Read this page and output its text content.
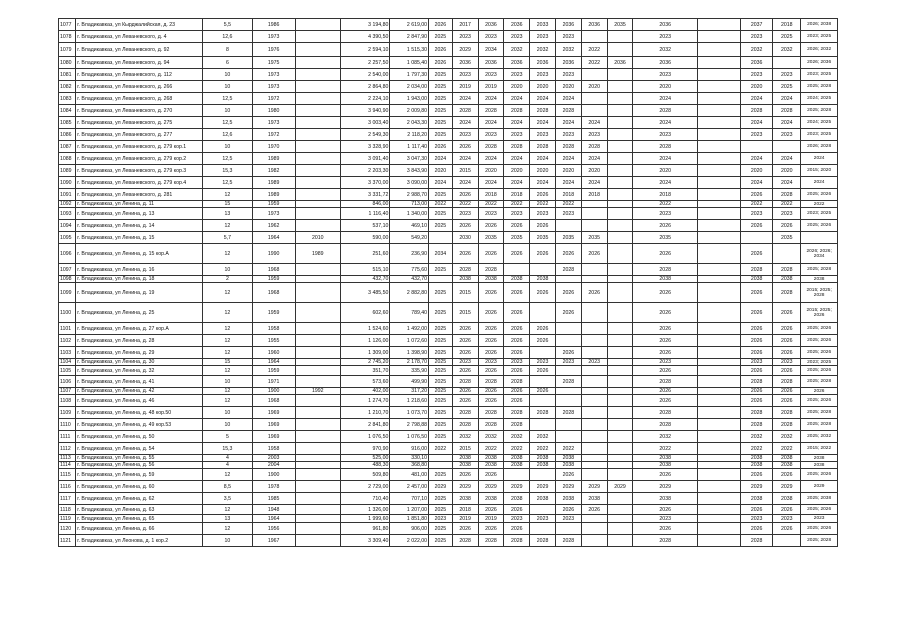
1077	г. Владикавказ, ул Кырджалийская, д. 23	5,5	1986		3 194,80	2 619,00	2026	2017	2036	2036	2033	2036	2036	2035	2036		2037	2018	2026; 2038
1078	г. Владикавказ, ул Леваневского, д. 4	12,6	1973		4 390,50	2 847,90	2025	2023	2023	2023	2023	2023			2023		2023	2025	2023; 2025
1079	г. Владикавказ, ул Леваневского, д. 92	8	1976		2 594,10	1 515,30	2026	2029	2034	2032	2032	2032	2022		2032		2032	2032	2026; 2032
1080	г. Владикавказ, ул Леваневского, д. 94	6	1975		2 257,50	1 085,40	2026	2036	2036	2036	2036	2036	2022	2036	2036		2036		2026; 2036
1081	г. Владикавказ, ул Леваневского, д. 112	10	1973		2 540,00	1 797,30	2025	2023	2023	2023	2023	2023			2023		2023	2023	2023; 2025
1082	г. Владикавказ, ул Леваневского, д. 266	10	1973		2 864,80	2 034,00	2025	2019	2019	2020	2020	2020	2020		2020		2020	2025	2025; 2028
1083	г. Владикавказ, ул Леваневского, д. 268	12,5	1972		2 224,10	1 943,00	2025	2024	2024	2024	2024	2024			2024		2024	2024	2024; 2025
1084	г. Владикавказ, ул Леваневского, д. 270	10	1980		3 940,90	2 009,80	2025	2028	2028	2028	2028	2028			2028		2028	2028	2025; 2028
1085	г. Владикавказ, ул Леваневского, д. 275	12,5	1973		3 003,40	2 043,30	2025	2024	2024	2024	2024	2024	2024		2024		2024	2024	2024; 2025
1086	г. Владикавказ, ул Леваневского, д. 277	12,6	1972		2 549,30	2 118,20	2025	2023	2023	2023	2023	2023	2023		2023		2023	2023	2023; 2025
1087	г. Владикавказ, ул Леваневского, д. 279 кор.1	10	1970		3 328,90	1 117,40	2026	2026	2028	2028	2028	2028	2028		2028				2026; 2028
1088	г. Владикавказ, ул Леваневского, д. 279 кор.2	12,5	1989		3 091,40	3 047,30	2024	2024	2024	2024	2024	2024	2024		2024		2024	2024	2024
1089	г. Владикавказ, ул Леваневского, д. 279 кор.3	15,3	1982		2 203,30	3 843,90	2020	2015	2020	2020	2020	2020	2020		2020		2020	2020	2015; 2020
1090	г. Владикавказ, ул Леваневского, д. 279 кор.4	12,5	1989		3 370,00	3 090,00	2024	2024	2024	2024	2024	2024	2024		2024		2024	2024	2024
1091	г. Владикавказ, ул Леваневского, д. 281	12	1989		3 331,72	2 988,70	2025	2026	2018	2018	2026	2018	2018		2018		2026	2028	2025; 2026
1092	г. Владикавказ, ул Ленина, д. 11	15	1959		846,00	713,00	2022	2022	2022	2022	2022	2022			2022		2022	2022	2022
1093	г. Владикавказ, ул Ленина, д. 13	13	1973		1 116,40	1 340,00	2025	2023	2023	2023	2023	2023			2023		2023	2023	2023; 2025
1094	г. Владикавказ, ул Ленина, д. 14	12	1962		537,10	469,10	2025	2026	2026	2026	2026				2026		2026	2026	2025; 2026
1095	г. Владикавказ, ул Ленина, д. 15	5,7	1964	2010	590,00	549,20		2030	2035	2035	2035	2035	2035		2035			2035	
1096	г. Владикавказ, ул Ленина, д. 15 кор.А	12	1990	1989	251,60	236,90	2034	2026	2026	2026	2026	2026	2026		2026		2026		2026; 2026; 2034
1097	г. Владикавказ, ул Ленина, д. 16	10	1968		515,10	775,60	2025	2028	2028			2028			2028		2028	2028	2025; 2028
1098	г. Владикавказ, ул Ленина, д. 18	2	1959		432,70	432,70		2038	2038	2038	2038				2038		2038	2038	2038
1099	г. Владикавказ, ул Ленина, д. 19	12	1968		3 485,50	2 882,80	2025	2015	2026	2026	2026	2026	2026		2026		2026	2028	2015; 2025; 2028
1100	г. Владикавказ, ул Ленина, д. 25	12	1959		602,60	789,40	2025	2015	2026	2026		2026			2026		2026	2026	2015; 2025; 2026
1101	г. Владикавказ, ул Ленина, д. 27 кор.А	12	1958		1 524,60	1 492,00	2025	2026	2026	2026	2026				2026		2026	2026	2025; 2026
1102	г. Владикавказ, ул Ленина, д. 28	12	1955		1 126,00	1 072,60	2025	2026	2026	2026	2026				2026		2026	2026	2025; 2026
1103	г. Владикавказ, ул Ленина, д. 29	12	1960		1 309,00	1 398,90	2025	2026	2026	2026		2026			2026		2026	2026	2025; 2026
1104	г. Владикавказ, ул Ленина, д. 30	15	1964		2 745,20	2 178,70	2025	2023	2023	2023	2023	2023	2023		2023		2023	2023	2023; 2025
1105	г. Владикавказ, ул Ленина, д. 32	12	1959		351,70	335,90	2025	2026	2026	2026	2026				2026		2026	2026	2025; 2026
1106	г. Владикавказ, ул Ленина, д. 41	10	1971		573,60	499,90	2025	2028	2028	2028		2028			2028		2028	2028	2025; 2028
1107	г. Владикавказ, ул Ленина, д. 42	12	1900	1992	402,00	317,20	2025	2026	2026	2026	2026				2026		2026	2026	2026
1108	г. Владикавказ, ул Ленина, д. 46	12	1968		1 274,70	1 218,60	2025	2026	2026	2026					2026		2026	2026	2025; 2026
1109	г. Владикавказ, ул Ленина, д. 48 кор.50	10	1969		1 210,70	1 073,70	2025	2028	2028	2028	2028	2028			2028		2028	2028	2025; 2028
1110	г. Владикавказ, ул Ленина, д. 49 кор.53	10	1969		2 841,80	2 798,88	2025	2028	2028	2028					2028		2028	2028	2025; 2028
1111	г. Владикавказ, ул Ленина, д. 50	5	1969		1 076,50	1 076,50	2025	2032	2032	2032	2032				2032		2032	2032	2025; 2032
1112	г. Владикавказ, ул Ленина, д. 54	15,3	1958		970,90	916,00	2022	2015	2022	2022	2022	2022			2022		2022	2022	2015; 2022
1113	г. Владикавказ, ул Ленина, д. 55	4	2003		525,00	330,10		2038	2038	2038	2038	2038			2038		2038	2038	2038
1114	г. Владикавказ, ул Ленина, д. 56	4	2004		488,30	368,80		2038	2038	2038	2038	2038			2038		2038	2038	2038
1115	г. Владикавказ, ул Ленина, д. 59	12	1900		509,80	481,00	2025	2026	2026			2026			2026		2026	2026	2025; 2026
1116	г. Владикавказ, ул Ленина, д. 60	8,5	1978		2 729,00	2 457,00	2029	2029	2029	2029	2029	2029	2029	2029	2029		2029	2029	2029
1117	г. Владикавказ, ул Ленина, д. 62	3,5	1985		710,40	707,10	2025	2038	2038	2038	2038	2038	2038		2038		2038	2038	2025; 2038
1118	г. Владикавказ, ул Ленина, д. 63	12	1948		1 326,00	1 207,00	2025	2018	2026	2026		2026	2026		2026		2026	2026	2025; 2026
1119	г. Владикавказ, ул Ленина, д. 65	13	1964		1 999,60	1 851,80	2023	2019	2019	2023	2023	2023			2023		2023	2023	2023
1120	г. Владикавказ, ул Ленина, д. 66	12	1956		961,80	906,00	2025	2026	2026	2026					2026		2026	2026	2025; 2026
1121	г. Владикавказ, ул Леонова, д. 1 кор.2	10	1967		3 309,40	2 022,00	2025	2028	2028	2028	2028	2028			2028		2028		2025; 2028
